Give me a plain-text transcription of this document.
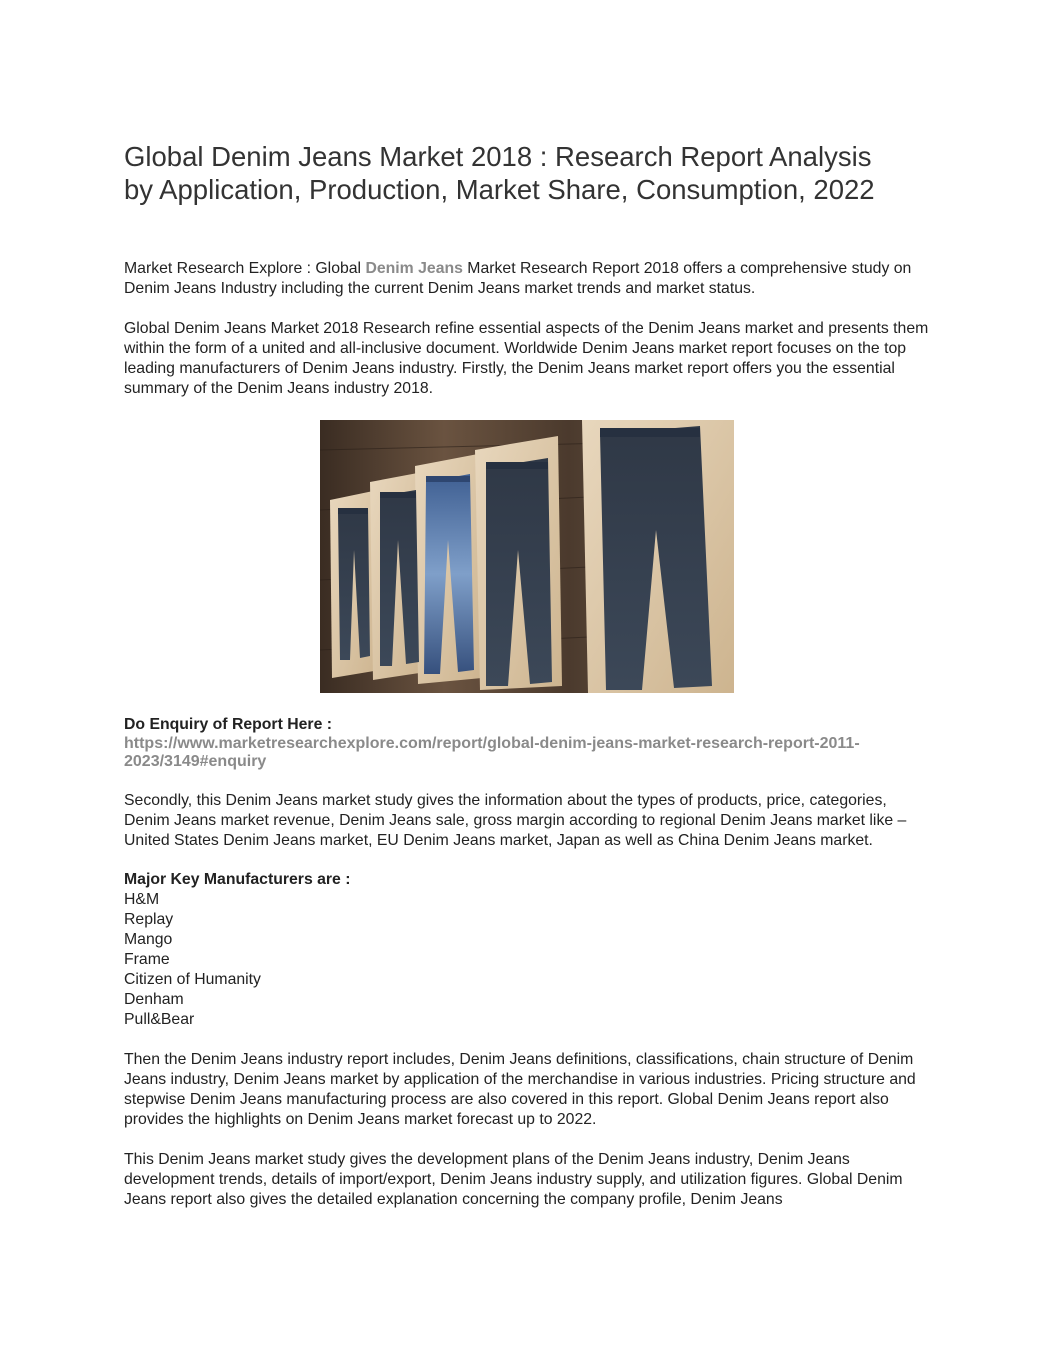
Global Denim Jeans Market 2018 : Research Report Analysis
by Application, Production, Market Share, Consumption, 2022

Market Research Explore : Global Denim Jeans Market Research Report 2018 offers a comprehensive study on Denim Jeans Industry including the current Denim Jeans market trends and market status.

Global Denim Jeans Market 2018 Research refine essential aspects of the Denim Jeans market and presents them within the form of a united and all-inclusive document. Worldwide Denim Jeans market report focuses on the top leading manufacturers of Denim Jeans industry. Firstly, the Denim Jeans market report offers you the essential summary of the Denim Jeans industry 2018.

Do Enquiry of Report Here :

https://www.marketresearchexplore.com/report/global-denim-jeans-market-research-report-2011-
2023/3149#enquiry

Secondly, this Denim Jeans market study gives the information about the types of products, price, categories, Denim Jeans market revenue, Denim Jeans sale, gross margin according to regional Denim Jeans market like – United States Denim Jeans market, EU Denim Jeans market, Japan as well as China Denim Jeans market.

Major Key Manufacturers are :

H&M
Replay
Mango
Frame
Citizen of Humanity
Denham
Pull&Bear

Then the Denim Jeans industry report includes, Denim Jeans definitions, classifications, chain structure of Denim Jeans industry, Denim Jeans market by application of the merchandise in various industries. Pricing structure and stepwise Denim Jeans manufacturing process are also covered in this report. Global Denim Jeans report also provides the highlights on Denim Jeans market forecast up to 2022.

This Denim Jeans market study gives the development plans of the Denim Jeans industry, Denim Jeans development trends, details of import/export, Denim Jeans industry supply, and utilization figures. Global Denim Jeans report also gives the detailed explanation concerning the company profile, Denim Jeans
